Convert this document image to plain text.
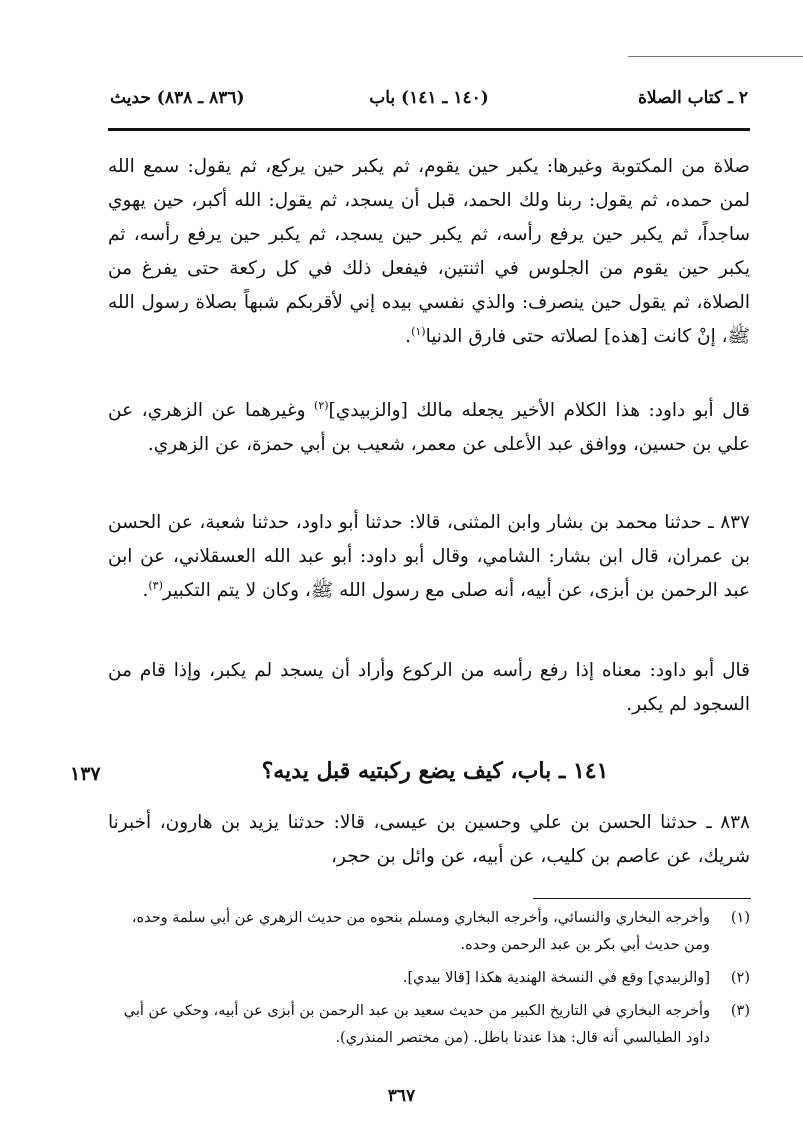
٢ ـ كتاب الصلاة
(١٤٠ ـ ١٤١) باب
(٨٣٦ ـ ٨٣٨) حديث

صلاة من المكتوبة وغيرها: يكبر حين يقوم، ثم يكبر حين يركع، ثم يقول: سمع الله لمن حمده، ثم يقول: ربنا ولك الحمد، قبل أن يسجد، ثم يقول: الله أكبر، حين يهوي ساجداً، ثم يكبر حين يرفع رأسه، ثم يكبر حين يسجد، ثم يكبر حين يرفع رأسه، ثم يكبر حين يقوم من الجلوس في اثنتين، فيفعل ذلك في كل ركعة حتى يفرغ من الصلاة، ثم يقول حين ينصرف: والذي نفسي بيده إني لأقربكم شبهاً بصلاة رسول الله ﷺ، إنْ كانت [هذه] لصلاته حتى فارق الدنيا$^{(١)}$.

قال أبو داود: هذا الكلام الأخير يجعله مالك [والزبيدي]$^{(٢)}$ وغيرهما عن الزهري، عن علي بن حسين، ووافق عبد الأعلى عن معمر، شعيب بن أبي حمزة، عن الزهري.

٨٣٧ ـ حدثنا محمد بن بشار وابن المثنى، قالا: حدثنا أبو داود، حدثنا شعبة، عن الحسن بن عمران، قال ابن بشار: الشامي، وقال أبو داود: أبو عبد الله العسقلاني، عن ابن عبد الرحمن بن أبزى، عن أبيه، أنه صلى مع رسول الله ﷺ، وكان لا يتم التكبير$^{(٣)}$.

قال أبو داود: معناه إذا رفع رأسه من الركوع وأراد أن يسجد لم يكبر، وإذا قام من السجود لم يكبر.

١٣٧	١٤١ ـ باب، كيف يضع ركبتيه قبل يديه؟

٨٣٨ ـ حدثنا الحسن بن علي وحسين بن عيسى، قالا: حدثنا يزيد بن هارون، أخبرنا شريك، عن عاصم بن كليب، عن أبيه، عن وائل بن حجر،

(١)
وأخرجه البخاري والنسائي، وأخرجه البخاري ومسلم بنحوه من حديث الزهري عن أبي سلمة وحده، ومن حديث أبي بكر بن عبد الرحمن وحده.

(٢)
[والزبيدي] وقع في النسخة الهندية هكذا [قالا بيدي].

(٣)
وأخرجه البخاري في التاريخ الكبير من حديث سعيد بن عبد الرحمن بن أبزى عن أبيه، وحكي عن أبي داود الطيالسي أنه قال: هذا عندنا باطل. (من مختصر المنذري).

٣٦٧
